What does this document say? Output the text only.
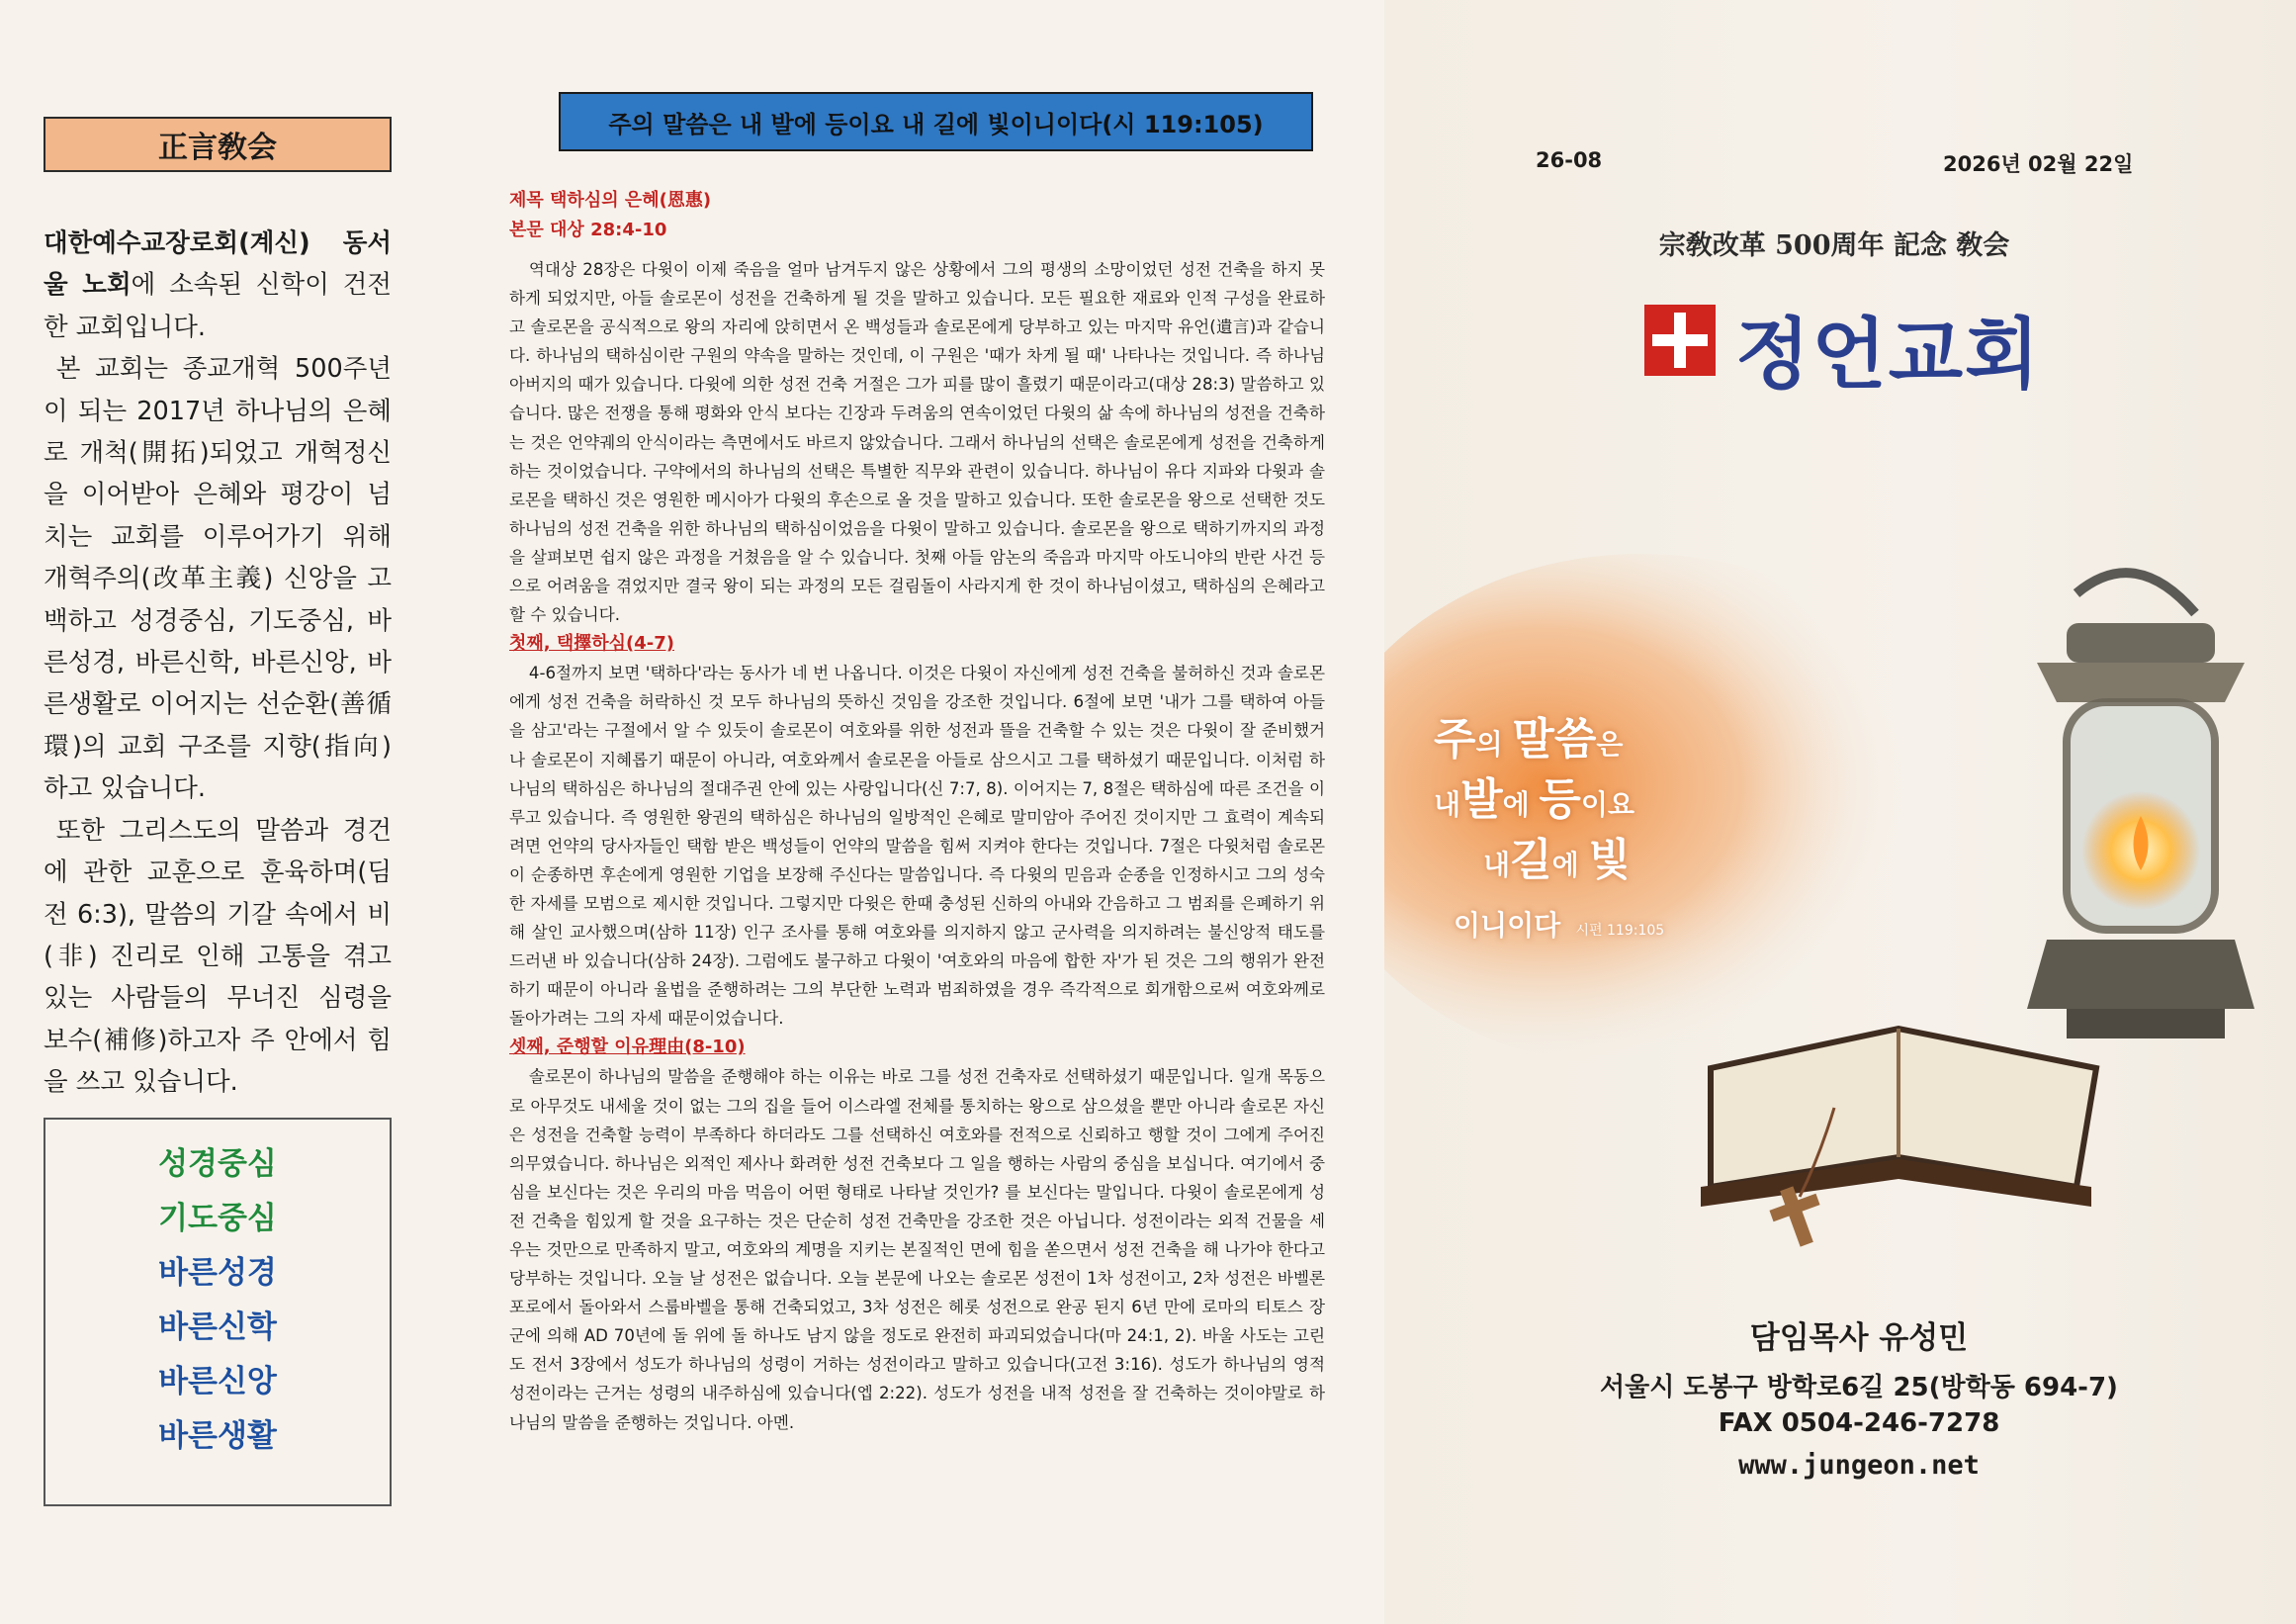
正言敎会

대한예수교장로회(계신) 동서울 노회에 소속된 신학이 건전한 교회입니다.

본 교회는 종교개혁 500주년이 되는 2017년 하나님의 은혜로 개척(開拓)되었고 개혁정신을 이어받아 은혜와 평강이 넘치는 교회를 이루어가기 위해 개혁주의(改革主義) 신앙을 고백하고 성경중심, 기도중심, 바른성경, 바른신학, 바른신앙, 바른생활로 이어지는 선순환(善循環)의 교회 구조를 지향(指向)하고 있습니다.

또한 그리스도의 말씀과 경건에 관한 교훈으로 훈육하며(딤전 6:3), 말씀의 기갈 속에서 비(非) 진리로 인해 고통을 겪고 있는 사람들의 무너진 심령을 보수(補修)하고자 주 안에서 힘을 쓰고 있습니다.

성경중심
기도중심
바른성경
바른신학
바른신앙
바른생활
주의 말씀은 내 발에 등이요 내 길에 빛이니이다(시 119:105)

제목 택하심의 은혜(恩惠)

본문 대상 28:4-10

역대상 28장은 다윗이 이제 죽음을 얼마 남겨두지 않은 상황에서 그의 평생의 소망이었던 성전 건축을 하지 못하게 되었지만, 아들 솔로몬이 성전을 건축하게 될 것을 말하고 있습니다. 모든 필요한 재료와 인적 구성을 완료하고 솔로몬을 공식적으로 왕의 자리에 앉히면서 온 백성들과 솔로몬에게 당부하고 있는 마지막 유언(遺言)과 같습니다. 하나님의 택하심이란 구원의 약속을 말하는 것인데, 이 구원은 '때가 차게 될 때' 나타나는 것입니다. 즉 하나님 아버지의 때가 있습니다. 다윗에 의한 성전 건축 거절은 그가 피를 많이 흘렸기 때문이라고(대상 28:3) 말씀하고 있습니다. 많은 전쟁을 통해 평화와 안식 보다는 긴장과 두려움의 연속이었던 다윗의 삶 속에 하나님의 성전을 건축하는 것은 언약궤의 안식이라는 측면에서도 바르지 않았습니다. 그래서 하나님의 선택은 솔로몬에게 성전을 건축하게 하는 것이었습니다. 구약에서의 하나님의 선택은 특별한 직무와 관련이 있습니다. 하나님이 유다 지파와 다윗과 솔로몬을 택하신 것은 영원한 메시아가 다윗의 후손으로 올 것을 말하고 있습니다. 또한 솔로몬을 왕으로 선택한 것도 하나님의 성전 건축을 위한 하나님의 택하심이었음을 다윗이 말하고 있습니다. 솔로몬을 왕으로 택하기까지의 과정을 살펴보면 쉽지 않은 과정을 거쳤음을 알 수 있습니다. 첫째 아들 암논의 죽음과 마지막 아도니야의 반란 사건 등으로 어려움을 겪었지만 결국 왕이 되는 과정의 모든 걸림돌이 사라지게 한 것이 하나님이셨고, 택하심의 은혜라고 할 수 있습니다.

첫째, 택擇하심(4-7)

4-6절까지 보면 '택하다'라는 동사가 네 번 나옵니다. 이것은 다윗이 자신에게 성전 건축을 불허하신 것과 솔로몬에게 성전 건축을 허락하신 것 모두 하나님의 뜻하신 것임을 강조한 것입니다. 6절에 보면 '내가 그를 택하여 아들을 삼고'라는 구절에서 알 수 있듯이 솔로몬이 여호와를 위한 성전과 뜰을 건축할 수 있는 것은 다윗이 잘 준비했거나 솔로몬이 지혜롭기 때문이 아니라, 여호와께서 솔로몬을 아들로 삼으시고 그를 택하셨기 때문입니다. 이처럼 하나님의 택하심은 하나님의 절대주권 안에 있는 사랑입니다(신 7:7, 8). 이어지는 7, 8절은 택하심에 따른 조건을 이루고 있습니다. 즉 영원한 왕권의 택하심은 하나님의 일방적인 은혜로 말미암아 주어진 것이지만 그 효력이 계속되려면 언약의 당사자들인 택함 받은 백성들이 언약의 말씀을 힘써 지켜야 한다는 것입니다. 7절은 다윗처럼 솔로몬이 순종하면 후손에게 영원한 기업을 보장해 주신다는 말씀입니다. 즉 다윗의 믿음과 순종을 인정하시고 그의 성숙한 자세를 모범으로 제시한 것입니다. 그렇지만 다윗은 한때 충성된 신하의 아내와 간음하고 그 범죄를 은폐하기 위해 살인 교사했으며(삼하 11장) 인구 조사를 통해 여호와를 의지하지 않고 군사력을 의지하려는 불신앙적 태도를 드러낸 바 있습니다(삼하 24장). 그럼에도 불구하고 다윗이 '여호와의 마음에 합한 자'가 된 것은 그의 행위가 완전하기 때문이 아니라 율법을 준행하려는 그의 부단한 노력과 범죄하였을 경우 즉각적으로 회개함으로써 여호와께로 돌아가려는 그의 자세 때문이었습니다.

셋째, 준행할 이유理由(8-10)

솔로몬이 하나님의 말씀을 준행해야 하는 이유는 바로 그를 성전 건축자로 선택하셨기 때문입니다. 일개 목동으로 아무것도 내세울 것이 없는 그의 집을 들어 이스라엘 전체를 통치하는 왕으로 삼으셨을 뿐만 아니라 솔로몬 자신은 성전을 건축할 능력이 부족하다 하더라도 그를 선택하신 여호와를 전적으로 신뢰하고 행할 것이 그에게 주어진 의무였습니다. 하나님은 외적인 제사나 화려한 성전 건축보다 그 일을 행하는 사람의 중심을 보십니다. 여기에서 중심을 보신다는 것은 우리의 마음 먹음이 어떤 형태로 나타날 것인가? 를 보신다는 말입니다. 다윗이 솔로몬에게 성전 건축을 힘있게 할 것을 요구하는 것은 단순히 성전 건축만을 강조한 것은 아닙니다. 성전이라는 외적 건물을 세우는 것만으로 만족하지 말고, 여호와의 계명을 지키는 본질적인 면에 힘을 쏟으면서 성전 건축을 해 나가야 한다고 당부하는 것입니다. 오늘 날 성전은 없습니다. 오늘 본문에 나오는 솔로몬 성전이 1차 성전이고, 2차 성전은 바벨론 포로에서 돌아와서 스룹바벨을 통해 건축되었고, 3차 성전은 헤롯 성전으로 완공 된지 6년 만에 로마의 티토스 장군에 의해 AD 70년에 돌 위에 돌 하나도 남지 않을 정도로 완전히 파괴되었습니다(마 24:1, 2). 바울 사도는 고린도 전서 3장에서 성도가 하나님의 성령이 거하는 성전이라고 말하고 있습니다(고전 3:16). 성도가 하나님의 영적 성전이라는 근거는 성령의 내주하심에 있습니다(엡 2:22). 성도가 성전을 내적 성전을 잘 건축하는 것이야말로 하나님의 말씀을 준행하는 것입니다. 아멘.

26-08	2026년 02월 22일
宗敎改革 500周年 記念 敎会
정언교회
주의 말씀은
내발에 등이요
내길에 빛
이니이다 시편 119:105
담임목사 유성민
서울시 도봉구 방학로6길 25(방학동 694-7)
FAX 0504-246-7278
www.jungeon.net
